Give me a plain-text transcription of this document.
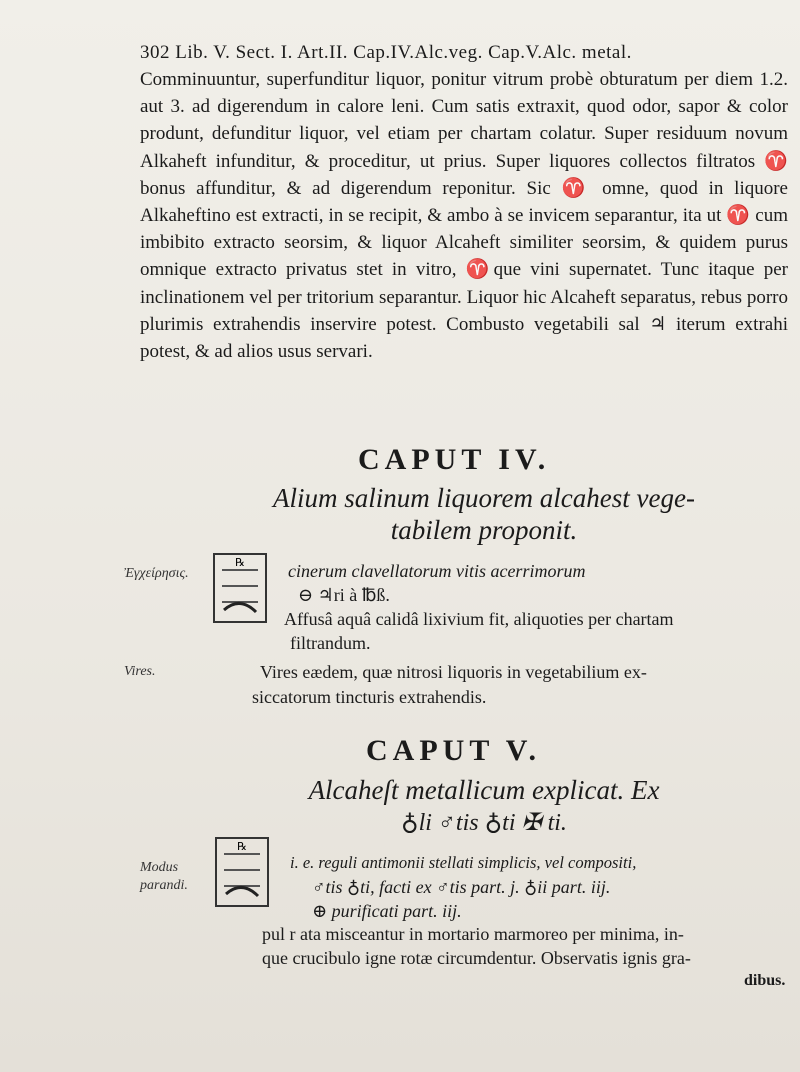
302 Lib. V. Sect. I. Art.II. Cap.IV.Alc.veg. Cap.V.Alc. metal.
Comminuuntur, superfunditur liquor, ponitur vitrum probè obturatum per diem 1.2. aut 3. ad digerendum in calore leni. Cum satis extraxit, quod odor, sapor & color produnt, defunditur liquor, vel etiam per chartam colatur. Super residuum novum Alkaheft infunditur, & proceditur, ut prius. Super liquores collectos filtratos ♈ bonus affunditur, & ad digerendum reponitur. Sic ♈ omne, quod in liquore Alkaheftino est extracti, in se recipit, & ambo à se invicem separantur, ita ut ♈ cum imbibito extracto seorsim, & liquor Alcaheft similiter seorsim, & quidem purus omnique extracto privatus stet in vitro, ♈que vini supernatet. Tunc itaque per inclinationem vel per tritorium separantur. Liquor hic Alcaheft separatus, rebus porro plurimis extrahendis inservire potest. Combusto vegetabili sal ♃ iterum extrahi potest, & ad alios usus servari.
CAPUT IV.
Alium salinum liquorem alcahest vege-
tabilem proponit.
Ἐγχείρησις.
℞ cinerum clavellatorum vitis acerrimorum
⊖ ♃ri à ℔ß.
Affusâ aquâ calidâ lixivium fit, aliquoties per chartam
filtrandum.
Vires.	Vires eædem, quæ nitrosi liquoris in vegetabilium ex-
siccatorum tincturis extrahendis.
CAPUT V.
Alcaheſt metallicum explicat. Ex
♁li ♂tis ♁ti ✠ ti.
Modus
parandi.
℞
i. e. reguli antimonii stellati simplicis, vel compositi,
♂tis ♁ti, facti ex ♂tis part. j. ♁ii part. iij.
⊕ purificati part. iij.
pul r ata misceantur in mortario marmoreo per minima, in-
que crucibulo igne rotæ circumdentur. Observatis ignis gra-
dibus.
